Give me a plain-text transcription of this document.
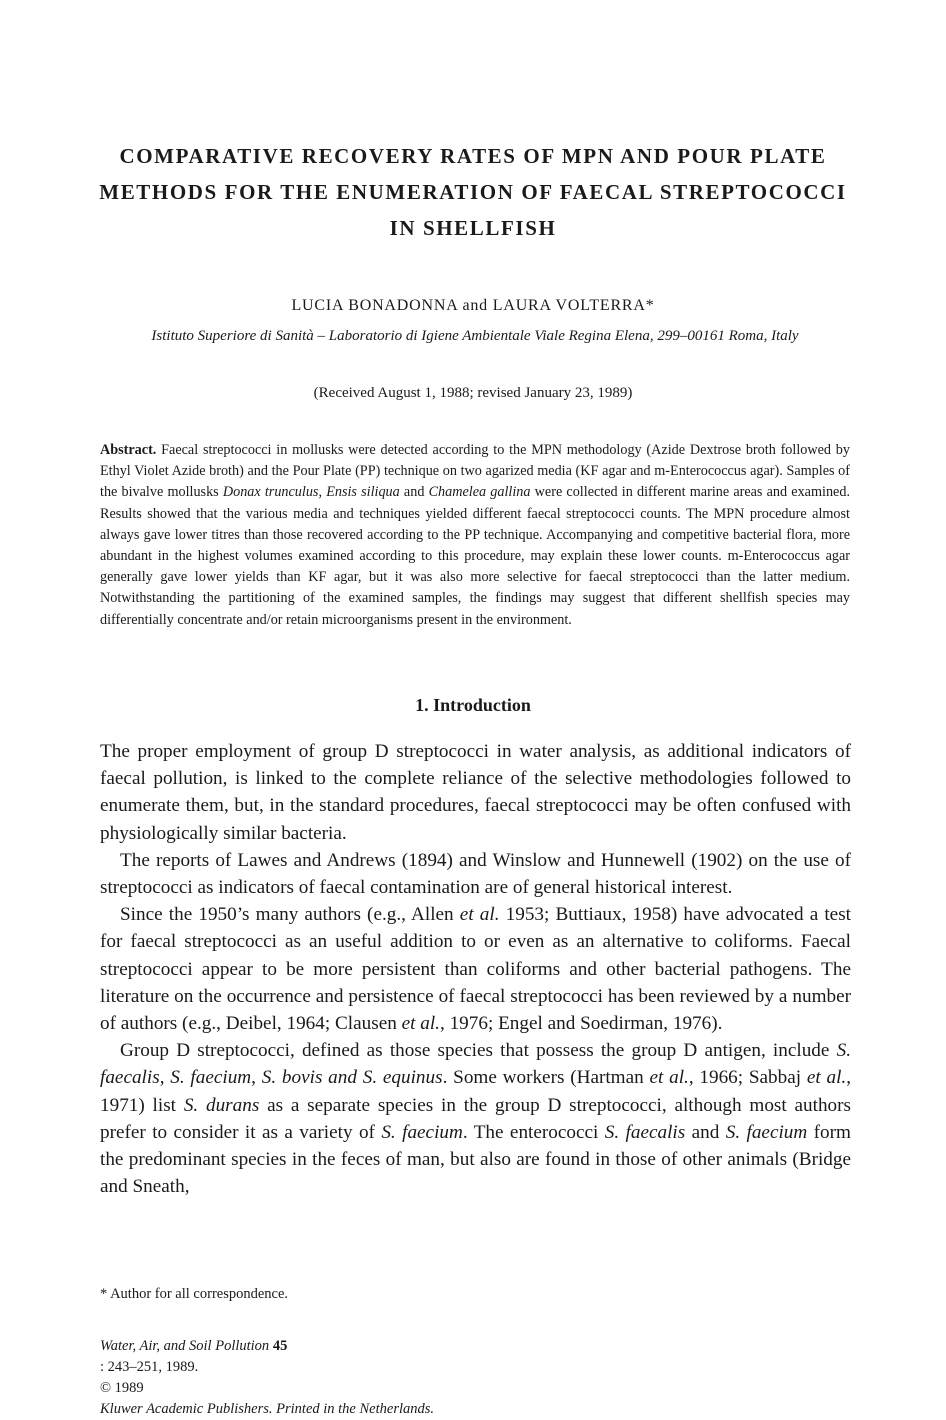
COMPARATIVE RECOVERY RATES OF MPN AND POUR PLATE
METHODS FOR THE ENUMERATION OF FAECAL STREPTOCOCCI
IN SHELLFISH

LUCIA BONADONNA and LAURA VOLTERRA*

Istituto Superiore di Sanità – Laboratorio di Igiene Ambientale Viale Regina Elena, 299–00161 Roma, Italy

(Received August 1, 1988; revised January 23, 1989)

Abstract. Faecal streptococci in mollusks were detected according to the MPN methodology (Azide Dextrose broth followed by Ethyl Violet Azide broth) and the Pour Plate (PP) technique on two agarized media (KF agar and m-Enterococcus agar). Samples of the bivalve mollusks Donax trunculus, Ensis siliqua and Chamelea gallina were collected in different marine areas and examined. Results showed that the various media and techniques yielded different faecal streptococci counts. The MPN procedure almost always gave lower titres than those recovered according to the PP technique. Accompanying and competitive bacterial flora, more abundant in the highest volumes examined according to this procedure, may explain these lower counts. m-Enterococcus agar generally gave lower yields than KF agar, but it was also more selective for faecal streptococci than the latter medium. Notwithstanding the partitioning of the examined samples, the findings may suggest that different shellfish species may differentially concentrate and/or retain microorganisms present in the environment.

1. Introduction

The proper employment of group D streptococci in water analysis, as additional indicators of faecal pollution, is linked to the complete reliance of the selective methodologies followed to enumerate them, but, in the standard procedures, faecal streptococci may be often confused with physiologically similar bacteria.

The reports of Lawes and Andrews (1894) and Winslow and Hunnewell (1902) on the use of streptococci as indicators of faecal contamination are of general historical interest.

Since the 1950’s many authors (e.g., Allen et al. 1953; Buttiaux, 1958) have advocated a test for faecal streptococci as an useful addition to or even as an alternative to coliforms. Faecal streptococci appear to be more persistent than coliforms and other bacterial pathogens. The literature on the occurrence and persistence of faecal streptococci has been reviewed by a number of authors (e.g., Deibel, 1964; Clausen et al., 1976; Engel and Soedirman, 1976).

Group D streptococci, defined as those species that possess the group D antigen, include S. faecalis, S. faecium, S. bovis and S. equinus. Some workers (Hartman et al., 1966; Sabbaj et al., 1971) list S. durans as a separate species in the group D streptococci, although most authors prefer to consider it as a variety of S. faecium. The enterococci S. faecalis and S. faecium form the predominant species in the feces of man, but also are found in those of other animals (Bridge and Sneath,

* Author for all correspondence.

Water, Air, and Soil Pollution 45
: 243–251, 1989.
© 1989
Kluwer Academic Publishers. Printed in the Netherlands.
